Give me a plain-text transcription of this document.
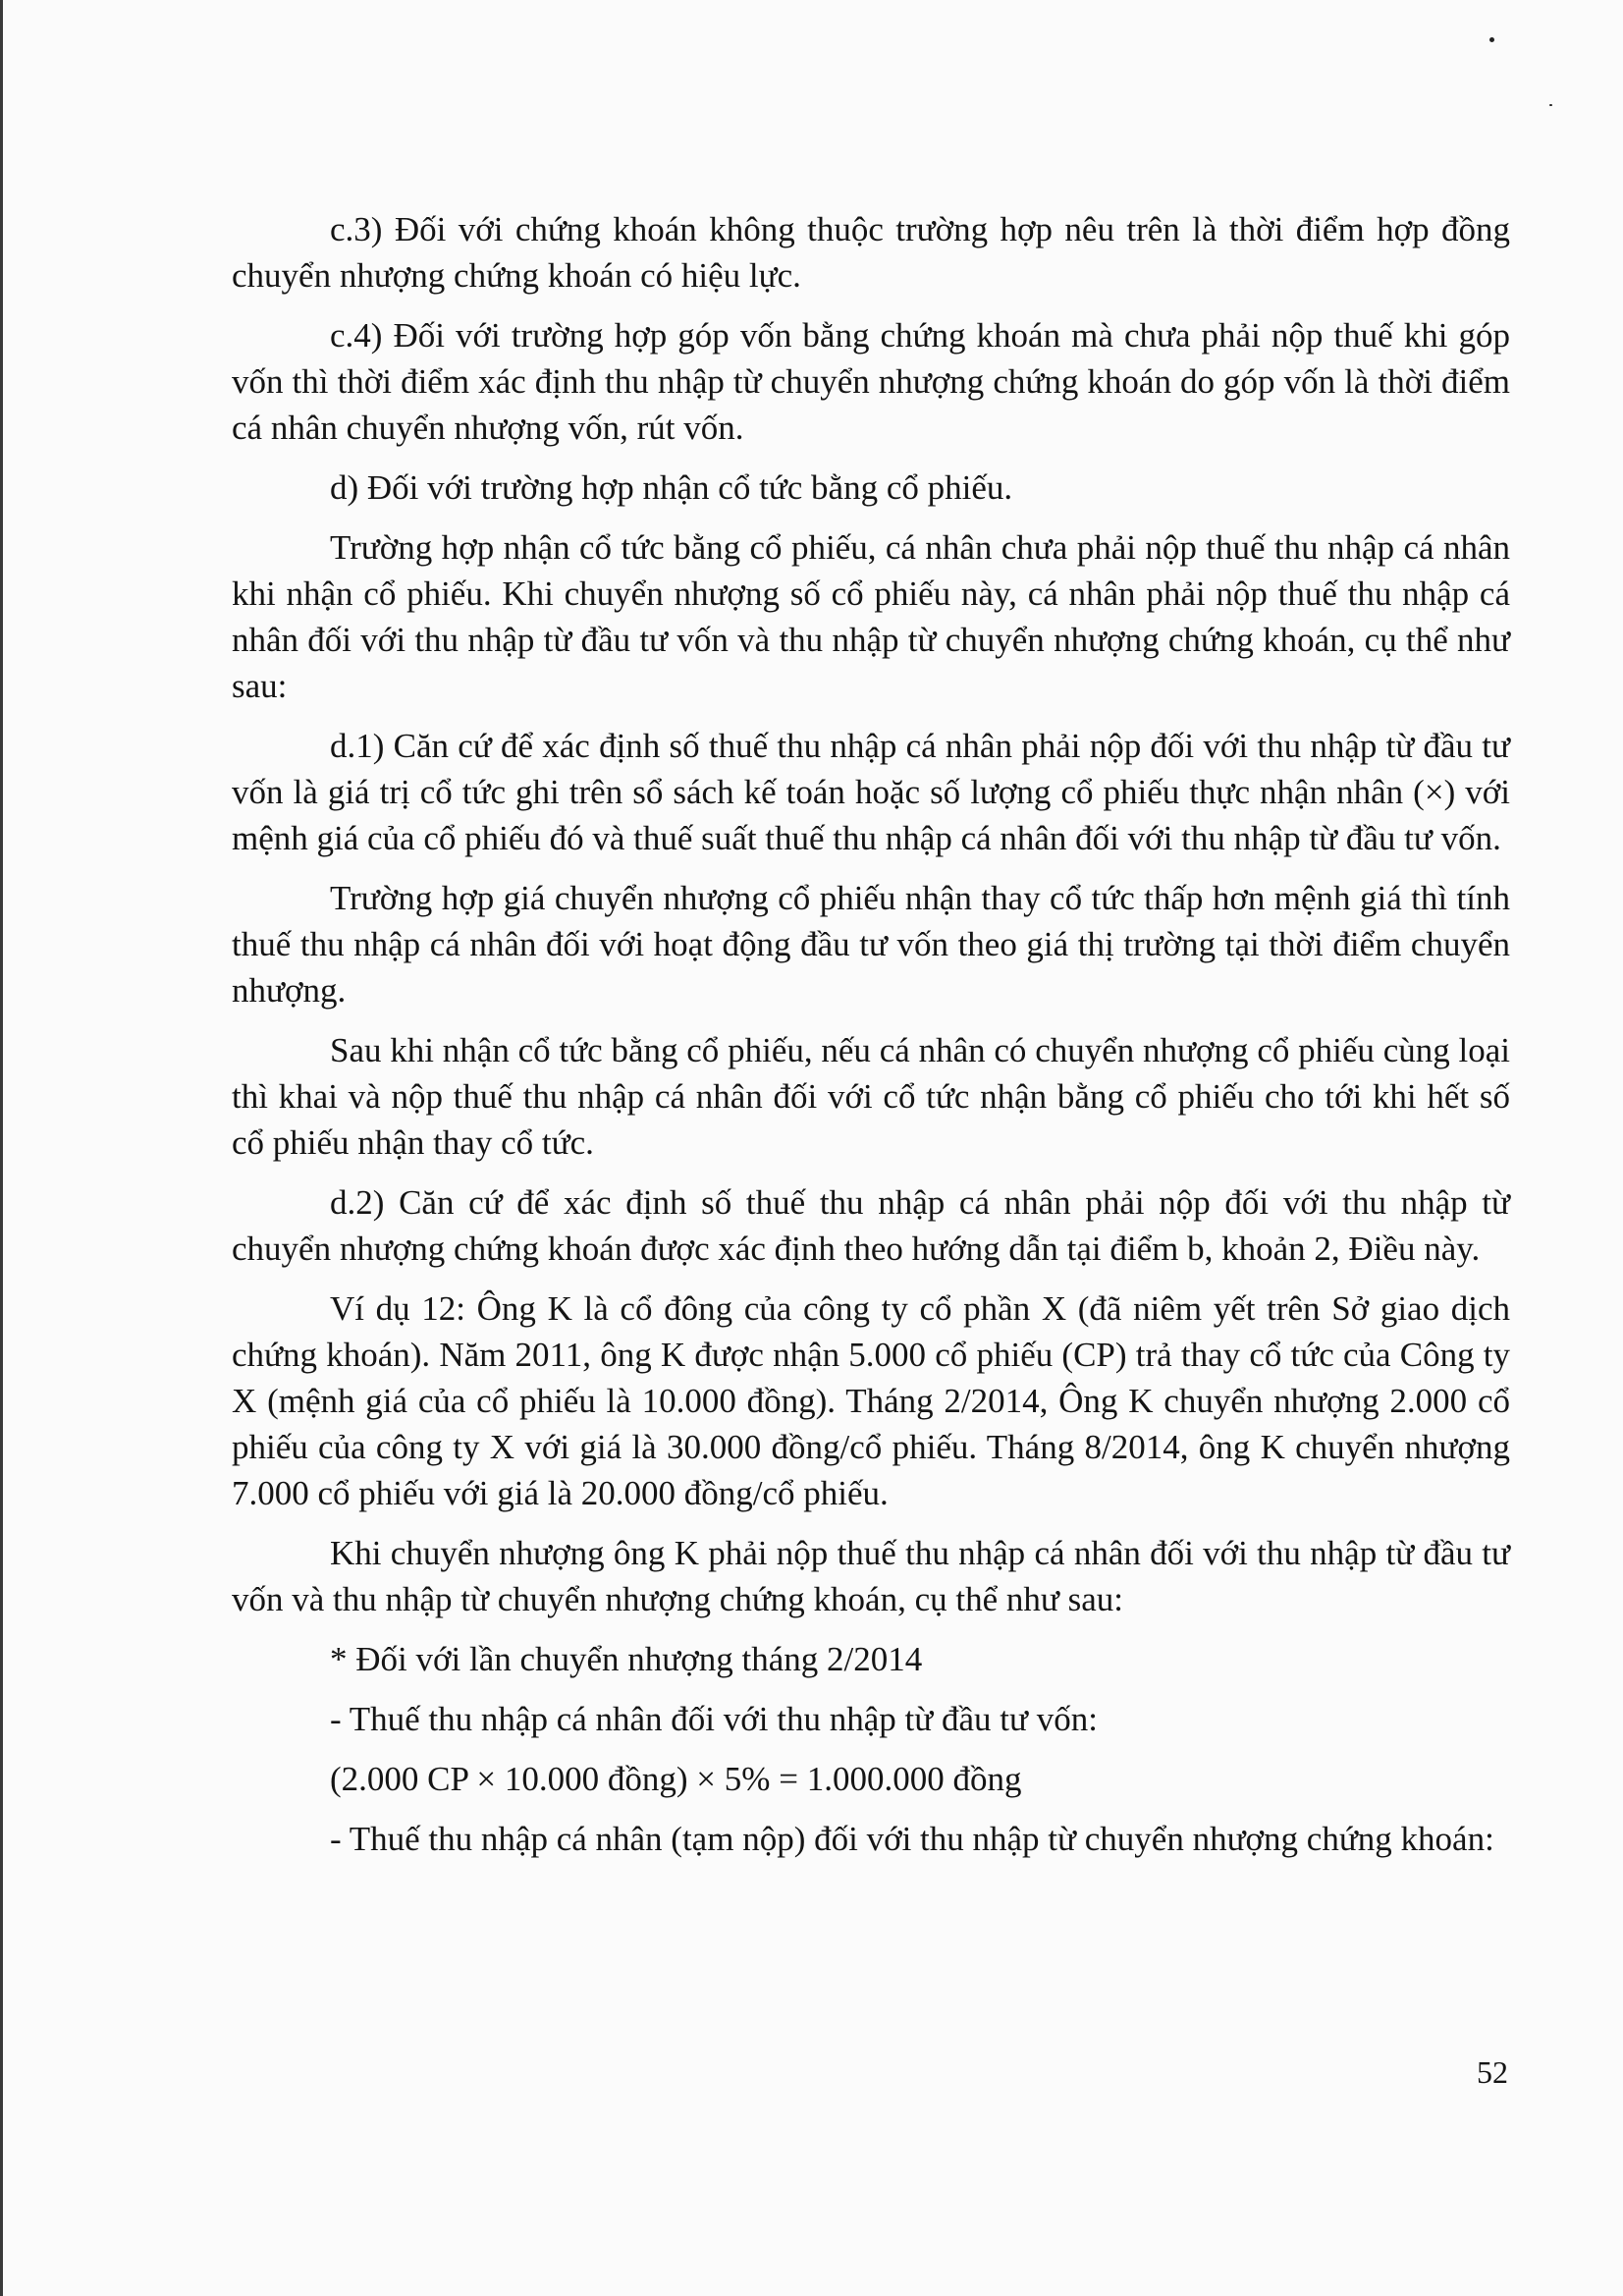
c.3) Đối với chứng khoán không thuộc trường hợp nêu trên là thời điểm hợp đồng chuyển nhượng chứng khoán có hiệu lực.

c.4) Đối với trường hợp góp vốn bằng chứng khoán mà chưa phải nộp thuế khi góp vốn thì thời điểm xác định thu nhập từ chuyển nhượng chứng khoán do góp vốn là thời điểm cá nhân chuyển nhượng vốn, rút vốn.

d) Đối với trường hợp nhận cổ tức bằng cổ phiếu.

Trường hợp nhận cổ tức bằng cổ phiếu, cá nhân chưa phải nộp thuế thu nhập cá nhân khi nhận cổ phiếu. Khi chuyển nhượng số cổ phiếu này, cá nhân phải nộp thuế thu nhập cá nhân đối với thu nhập từ đầu tư vốn và thu nhập từ chuyển nhượng chứng khoán, cụ thể như sau:

d.1) Căn cứ để xác định số thuế thu nhập cá nhân phải nộp đối với thu nhập từ đầu tư vốn là giá trị cổ tức ghi trên sổ sách kế toán hoặc số lượng cổ phiếu thực nhận nhân (×) với mệnh giá của cổ phiếu đó và thuế suất thuế thu nhập cá nhân đối với thu nhập từ đầu tư vốn.

Trường hợp giá chuyển nhượng cổ phiếu nhận thay cổ tức thấp hơn mệnh giá thì tính thuế thu nhập cá nhân đối với hoạt động đầu tư vốn theo giá thị trường tại thời điểm chuyển nhượng.

Sau khi nhận cổ tức bằng cổ phiếu, nếu cá nhân có chuyển nhượng cổ phiếu cùng loại thì khai và nộp thuế thu nhập cá nhân đối với cổ tức nhận bằng cổ phiếu cho tới khi hết số cổ phiếu nhận thay cổ tức.

d.2) Căn cứ để xác định số thuế thu nhập cá nhân phải nộp đối với thu nhập từ chuyển nhượng chứng khoán được xác định theo hướng dẫn tại điểm b, khoản 2, Điều này.

Ví dụ 12: Ông K là cổ đông của công ty cổ phần X (đã niêm yết trên Sở giao dịch chứng khoán). Năm 2011, ông K được nhận 5.000 cổ phiếu (CP) trả thay cổ tức của Công ty X (mệnh giá của cổ phiếu là 10.000 đồng). Tháng 2/2014, Ông K chuyển nhượng 2.000 cổ phiếu của công ty X với giá là 30.000 đồng/cổ phiếu. Tháng 8/2014, ông K chuyển nhượng 7.000 cổ phiếu với giá là 20.000 đồng/cổ phiếu.

Khi chuyển nhượng ông K phải nộp thuế thu nhập cá nhân đối với thu nhập từ đầu tư vốn và thu nhập từ chuyển nhượng chứng khoán, cụ thể như sau:

* Đối với lần chuyển nhượng tháng 2/2014

- Thuế thu nhập cá nhân đối với thu nhập từ đầu tư vốn:

(2.000 CP × 10.000 đồng) × 5% = 1.000.000 đồng

- Thuế thu nhập cá nhân (tạm nộp) đối với thu nhập từ chuyển nhượng chứng khoán:

52
